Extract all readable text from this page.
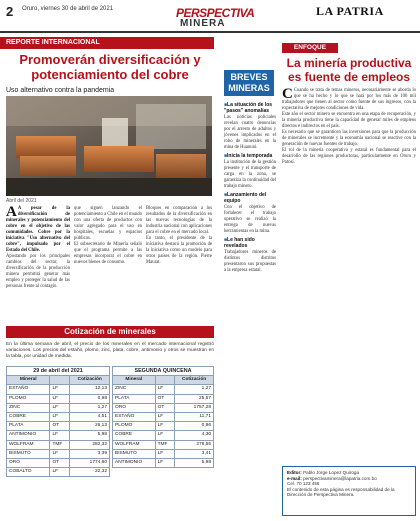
2 Oruro, viernes 30 de abril de 2021	PERSPECTIVA
MINERA
LA PATRIA
REPORTE INTERNACIONAL
Promoverán diversificación y potenciamiento del cobre
Uso alternativo contra la pandemia
Abril del 2021

A A pesar de la diversificación de minerales y potenciamiento del cobre en el objetivo de las comunidades. Cobre por la iniciativa "Uso alternativo del cobre", impulsado por el Estado del Chile.

Apostando por los principales cambios del sector, la diversificación de la producción minera permitirá generar más empleo y proteger la salud de las personas frente al contagio.

que siguen lanzando el potenciamiento a Chile en el mundo con una oferta de productos con valor agregado para el uso en hospitales, escuelas y espacios públicos.

El subsecretario de Minería señaló que el programa permite a las empresas incorporar el cobre en nuevos bienes de consumo.

Bloques en comparación a los resultados de la diversificación en las nuevas tecnologías de la industria nacional con aplicaciones para el cobre en el mercado local.

En tanto, el presidente de la iniciativa destacó la promoción de la iniciativa como un modelo para otros países de la región. Pierre Maurat.

BREVES MINERAS
■ La situación de los "pasos" anomalías

Las noticias policiales revelan cuatro denuncias por el arresto de adultos y jóvenes implicados en el robo de minerales en la mina de Huanuni.

■ Inicia la temporada

La institución de la gestión presente y el transporte de carga en la zona, se garantiza la continuidad del trabajo minero.

■ Lanzamiento del equipo

Con el objetivo de fortalecer el trabajo operativo se realizó la entrega de nuevas herramientas en la mina.

■ Le han sido revelados

Trabajadores mineros de distintos distritos presentaron sus propuestas a la empresa estatal.

ENFOQUE
La minería productiva es fuente de empleos

C Cuando se trata de temas mineros, necesariamente se aborda lo que se ha hecho y lo que se hará por los más de 100 mil trabajadores que tienen al sector como fuente de sus ingresos, con la expectativa de mejores condiciones de vida.

Este año el sector minero se encuentra en una etapa de recuperación, y la minería productiva tiene la capacidad de generar miles de empleos directos e indirectos en el país.

Es necesario que se garanticen las inversiones para que la producción de minerales se incremente y la economía nacional se reactive con la generación de nuevas fuentes de trabajo.

El rol de la minería cooperativa y estatal es fundamental para el desarrollo de las regiones productoras, particularmente en Oruro y Potosí.

Editor: Pablo Jorge Lopez Quiroga

e-mail: perspectivaminera@lapatria.com.bo

Cel. 70 123 456

El contenido de esta página es responsabilidad de la Dirección de Perspectiva Minera.

Cotización de minerales

En la última semana de abril, el precio de los minerales en el mercado internacional registró variaciones. Los precios del estaño, plomo, zinc, plata, cobre, antimonio y otros se muestran en la tabla, por unidad de medida.

29 de abril del 2021		
Mineral		Cotización
ESTAÑO	LF	12,13
PLOMO	LF	0,98
ZINC	LF	1,27
COBRE	LF	4,51
PLATA	OT	26,13
ANTIMONIO	LF	5,98
WOLFRAM	TMF	282,32
BISMUTO	LF	3,39
ORO	OT	1774,60
COBALTO	LF	22,32
SEGUNDA QUINCENA		
Mineral		Cotización
ZINC	LF	1,27
PLATA	OT	25,57
ORO	OT	1757,28
ESTAÑO	LF	11,71
PLOMO	LF	0,96
COBRE	LF	4,30
WOLFRAM	TMF	278,55
BISMUTO	LF	3,41
ANTIMONIO	LF	5,98
